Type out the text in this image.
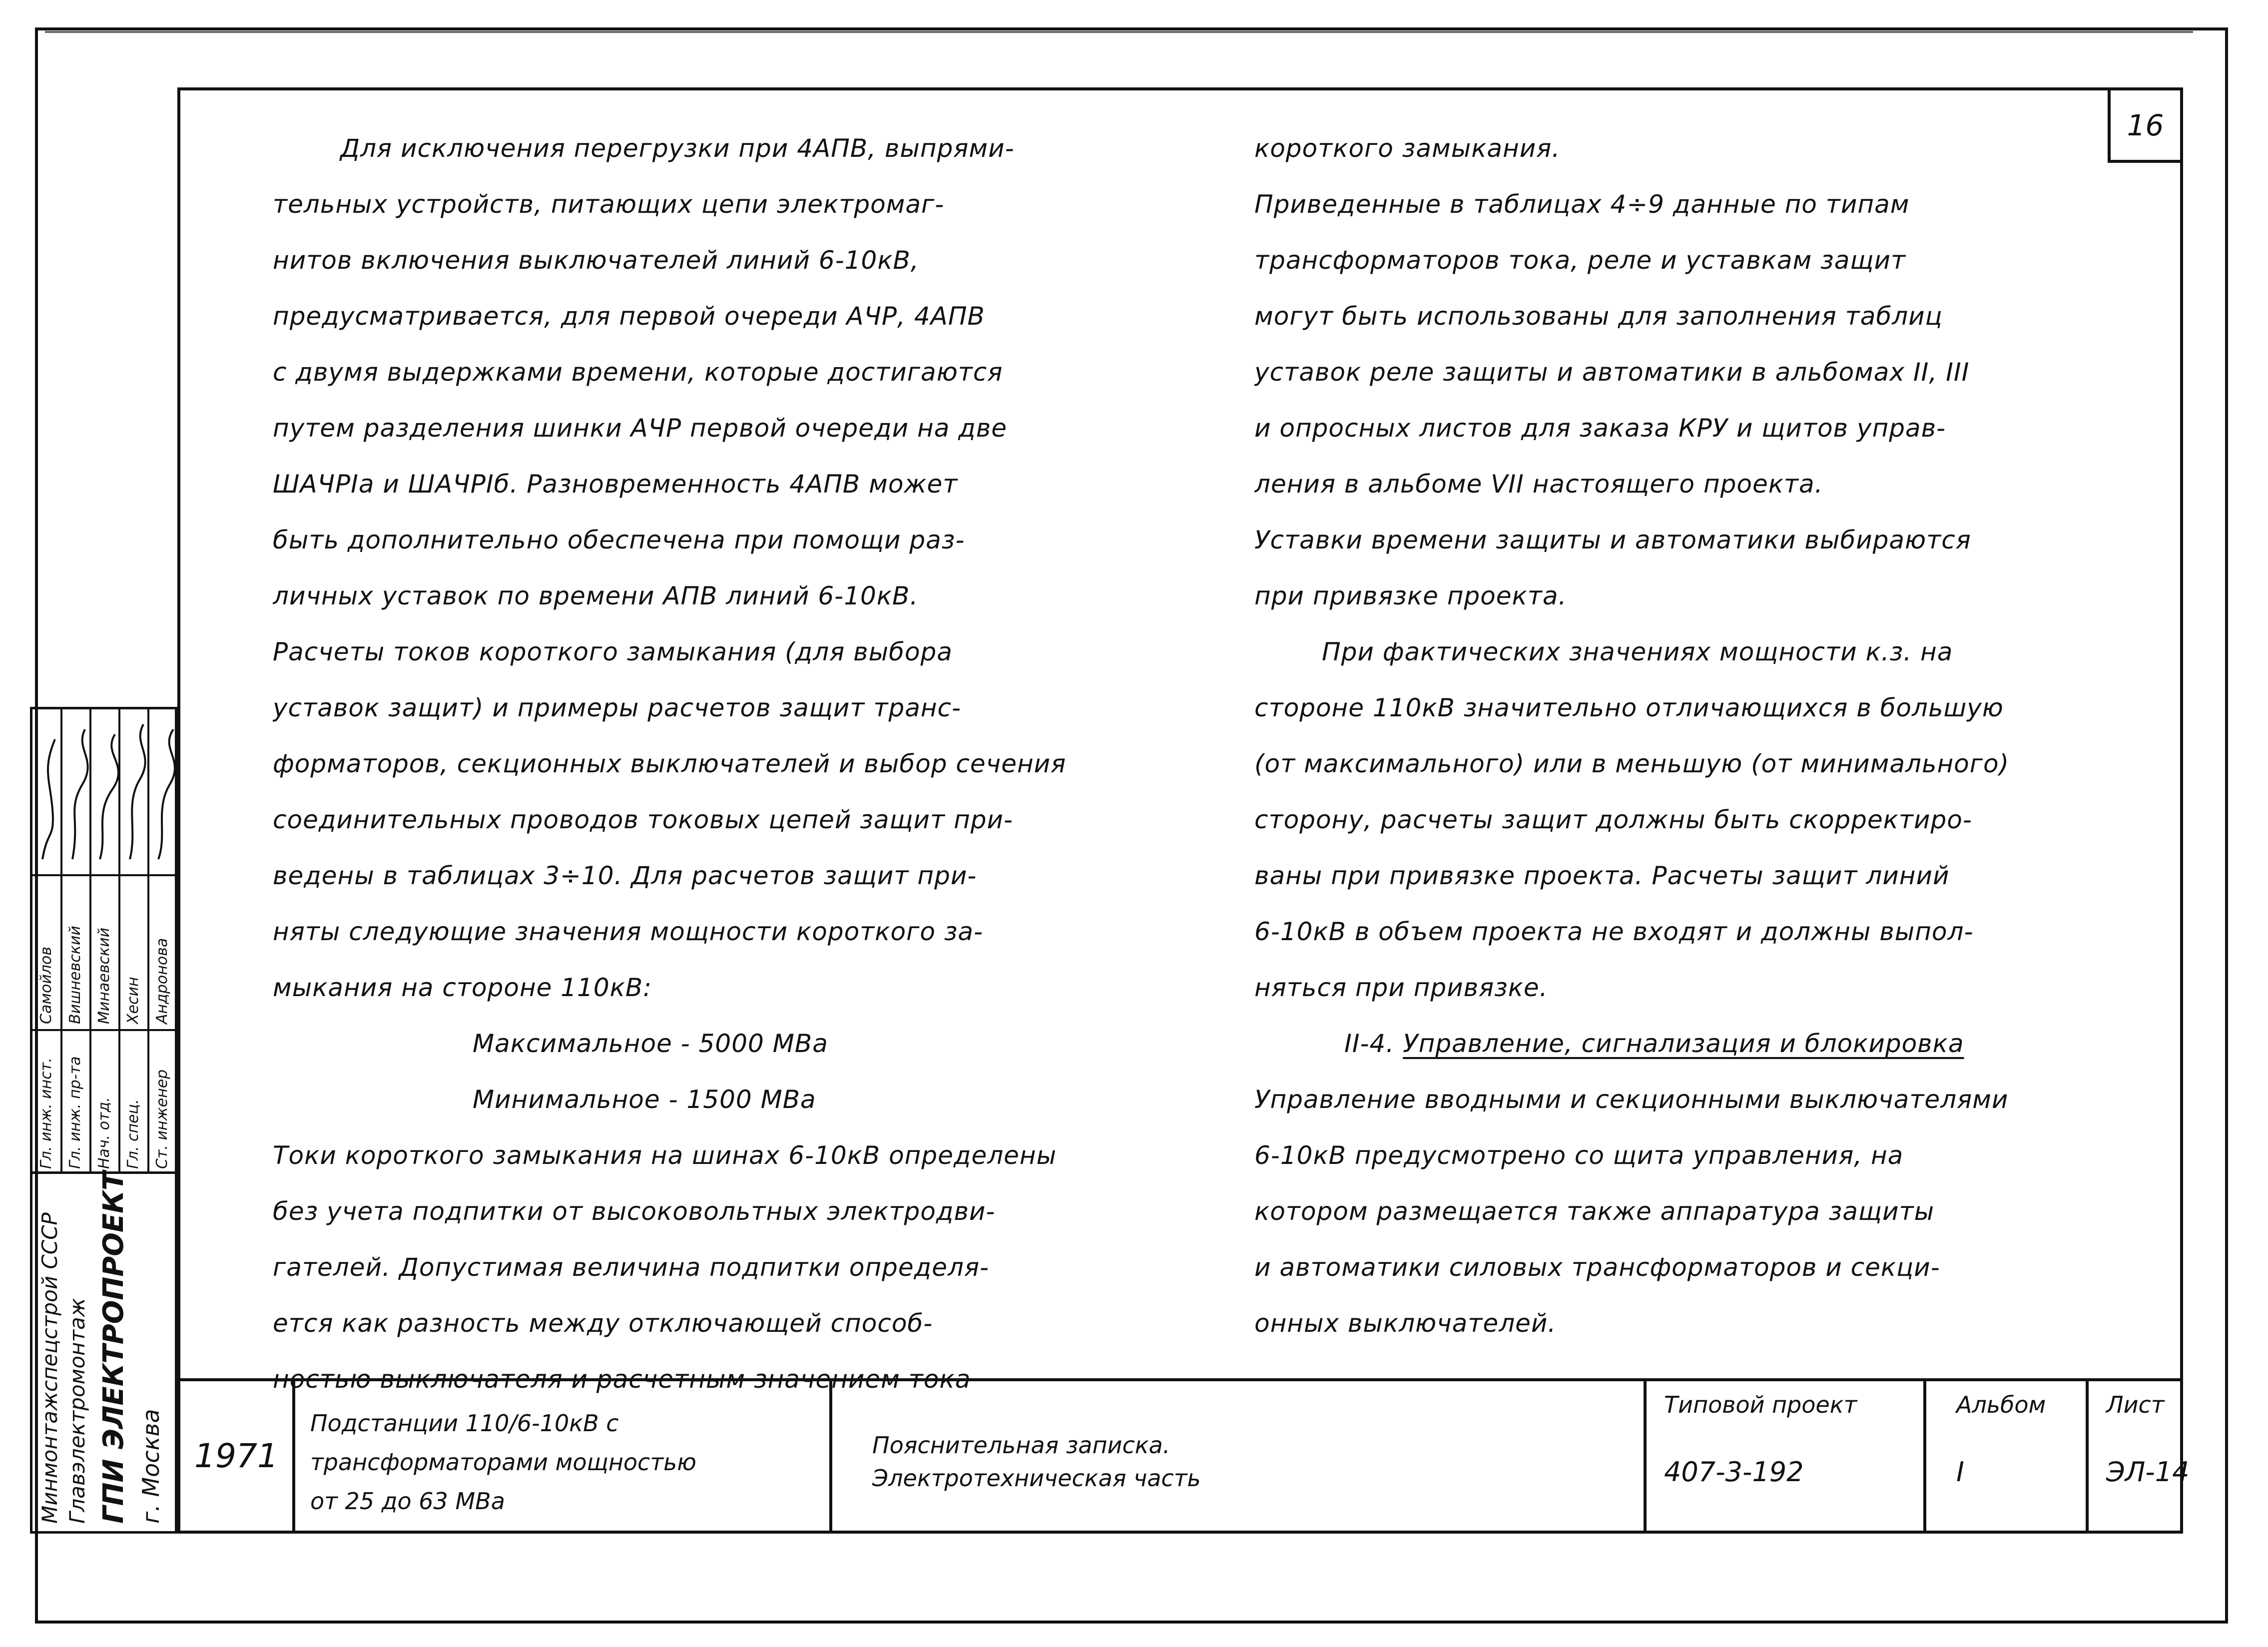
Гл. инж. инст. Гл. инж. пр-та Нач. отд. Гл. спец. Ст. инженер
Самойлов Вишневский Минаевский Хесин Андронова
Минмонтажспецстрой СССР Главэлектромонтаж ГПИ ЭЛЕКТРОПРОЕКТ г. Москва
16
Для исключения перегрузки при 4АПВ, выпрями-
тельных устройств, питающих цепи электромаг-
нитов включения выключателей линий 6-10кВ,
предусматривается, для первой очереди АЧР, 4АПВ
с двумя выдержками времени, которые достигаются
путем разделения шинки АЧР первой очереди на две
ШАЧРIа и ШАЧРIб. Разновременность 4АПВ может
быть дополнительно обеспечена при помощи раз-
личных уставок по времени АПВ линий 6-10кВ.
Расчеты токов короткого замыкания (для выбора
уставок защит) и примеры расчетов защит транс-
форматоров, секционных выключателей и выбор сечения
соединительных проводов токовых цепей защит при-
ведены в таблицах 3÷10. Для расчетов защит при-
няты следующие значения мощности короткого за-
мыкания на стороне 110кВ:
Максимальное - 5000 МВа
Минимальное - 1500 МВа
Токи короткого замыкания на шинах 6-10кВ определены
без учета подпитки от высоковольтных электродви-
гателей. Допустимая величина подпитки определя-
ется как разность между отключающей способ-
ностью выключателя и расчетным значением тока
короткого замыкания.
Приведенные в таблицах 4÷9 данные по типам
трансформаторов тока, реле и уставкам защит
могут быть использованы для заполнения таблиц
уставок реле защиты и автоматики в альбомах II, III
и опросных листов для заказа КРУ и щитов управ-
ления в альбоме VII настоящего проекта.
Уставки времени защиты и автоматики выбираются
при привязке проекта.
При фактических значениях мощности к.з. на
стороне 110кВ значительно отличающихся в большую
(от максимального) или в меньшую (от минимального)
сторону, расчеты защит должны быть скорректиро-
ваны при привязке проекта. Расчеты защит линий
6-10кВ в объем проекта не входят и должны выпол-
няться при привязке.
II-4. Управление, сигнализация и блокировка
Управление вводными и секционными выключателями
6-10кВ предусмотрено со щита управления, на
котором размещается также аппаратура защиты
и автоматики силовых трансформаторов и секци-
онных выключателей.
1971
Подстанции 110/6-10кВ с
трансформаторами мощностью
от 25 до 63 МВа
Пояснительная записка.
Электротехническая часть
Типовой проект
407-3-192
Альбом
I
Лист
ЭЛ-14
